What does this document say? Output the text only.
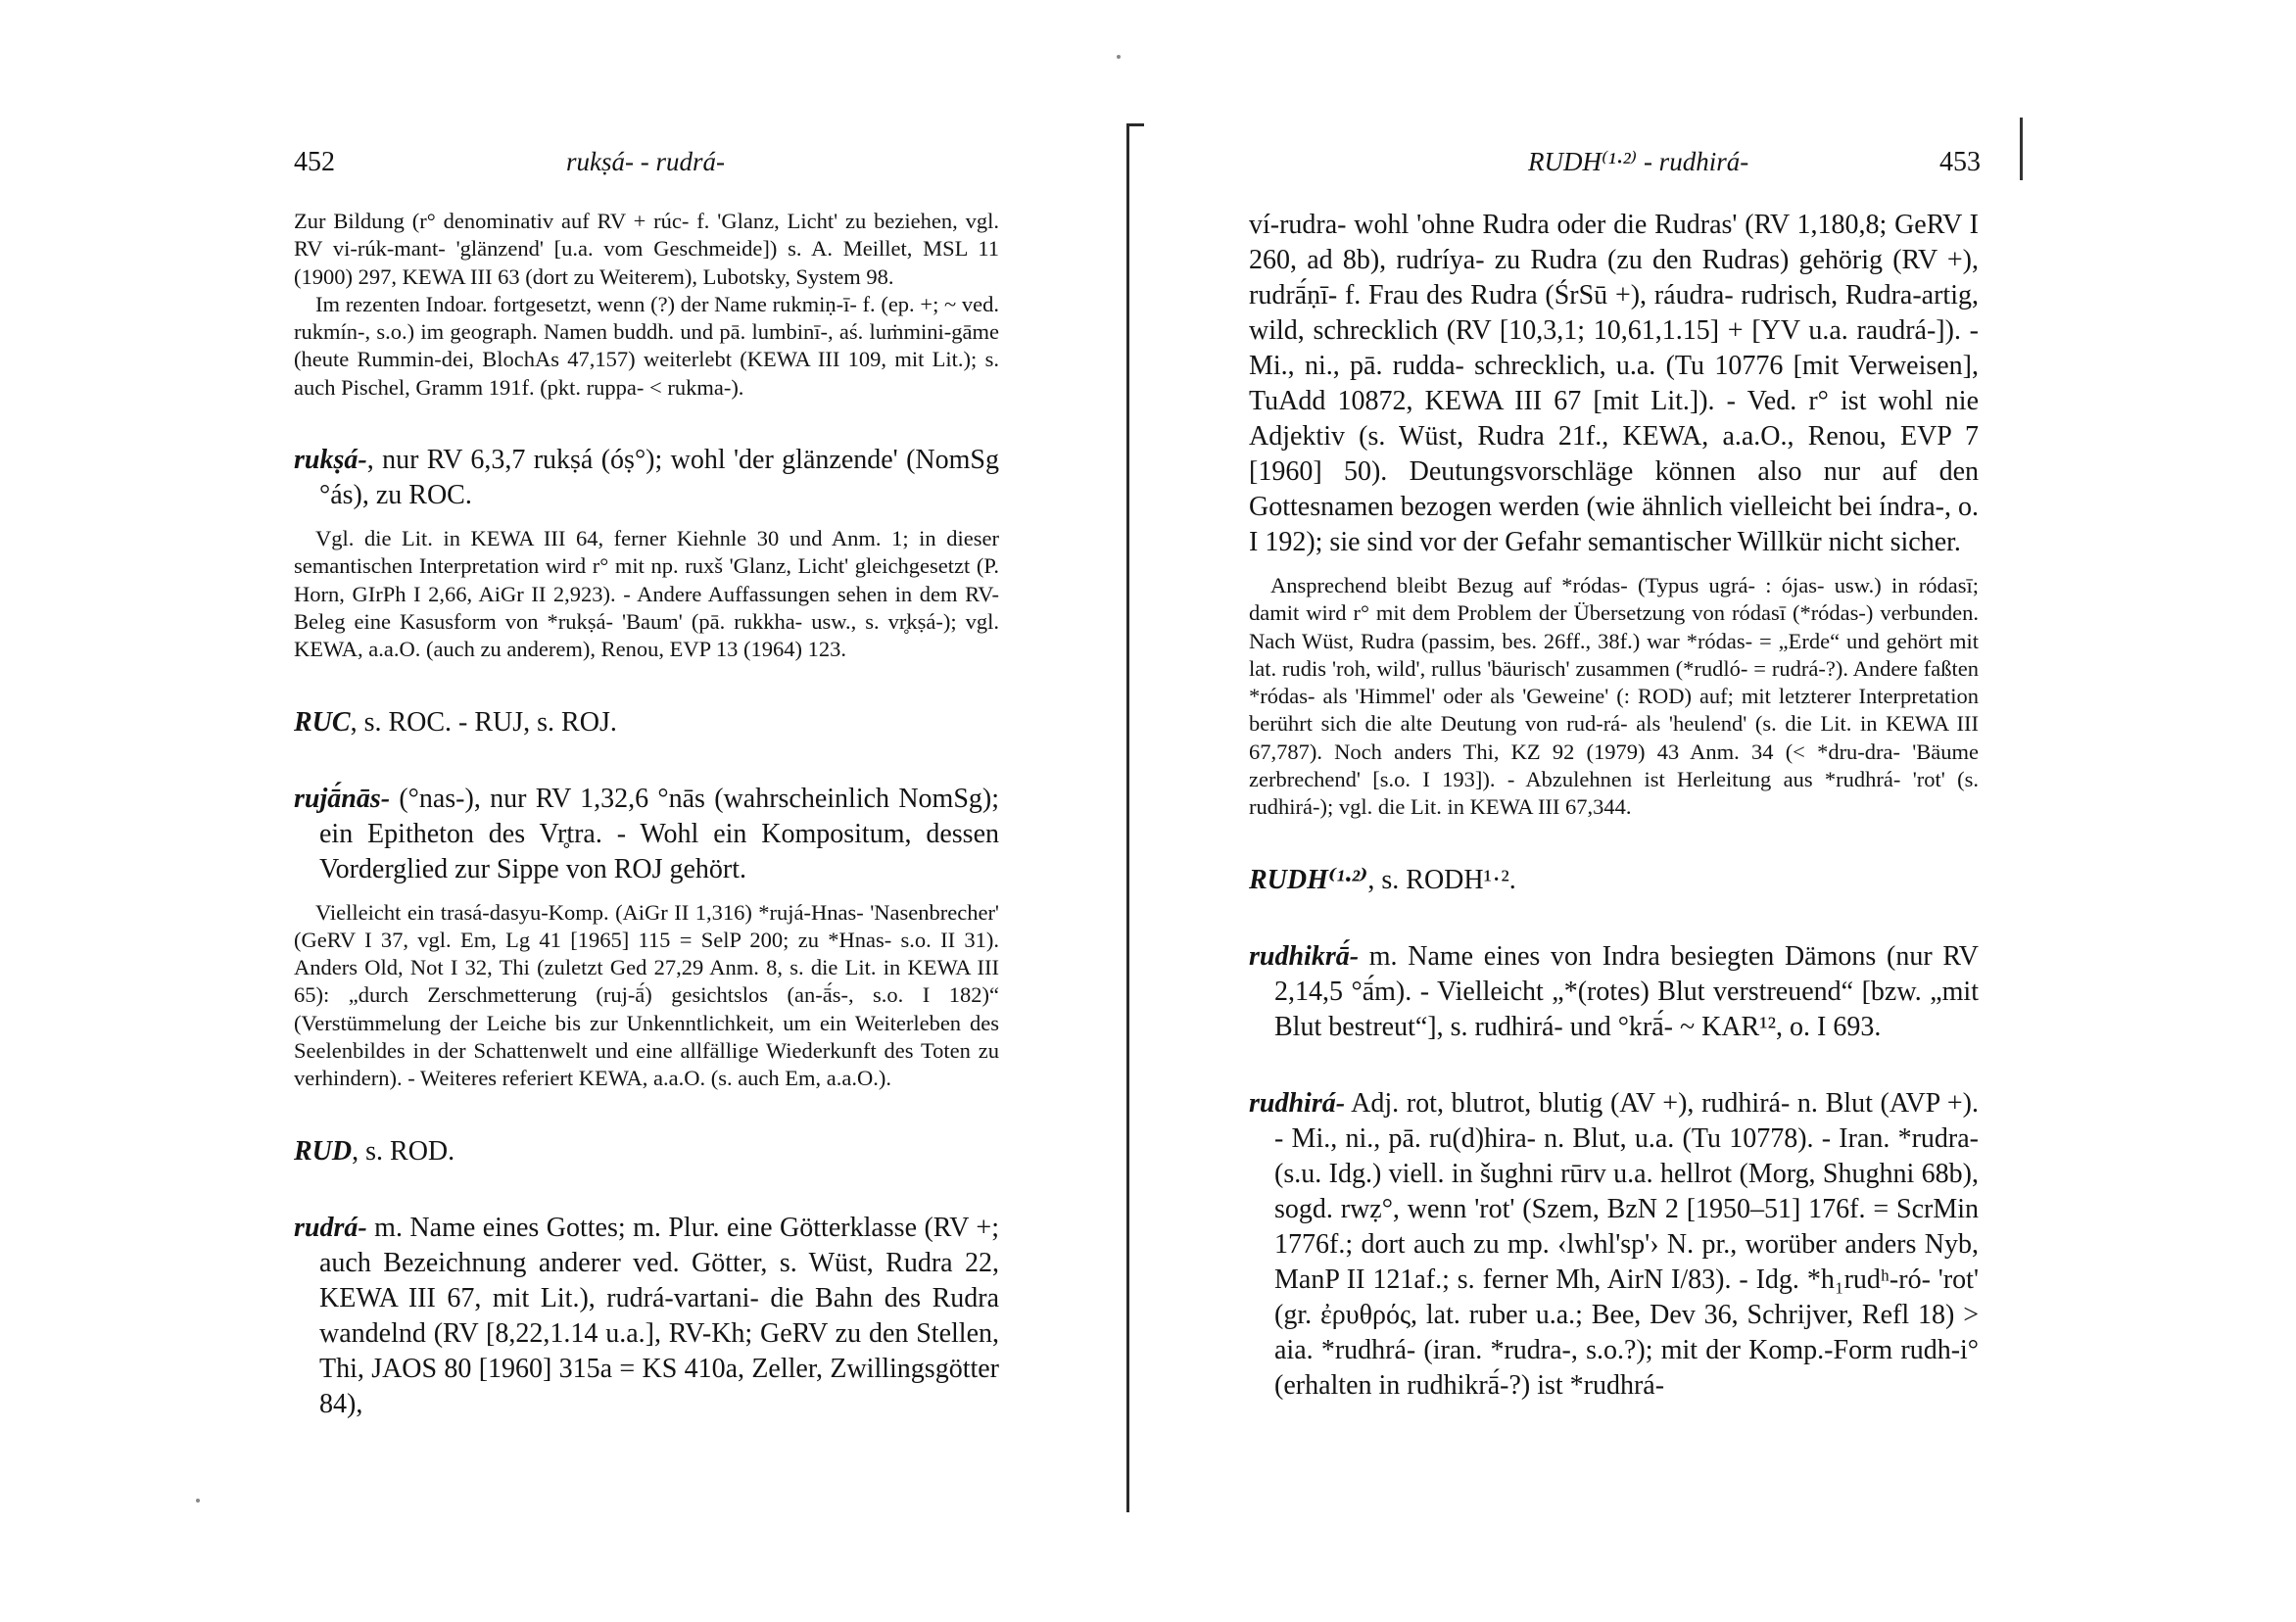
452	rukṣá- - rudrá-

Zur Bildung (r° denominativ auf RV + rúc- f. 'Glanz, Licht' zu beziehen, vgl. RV vi-rúk-mant- 'glänzend' [u.a. vom Geschmeide]) s. A. Meillet, MSL 11 (1900) 297, KEWA III 63 (dort zu Weiterem), Lubotsky, System 98.

Im rezenten Indoar. fortgesetzt, wenn (?) der Name rukmiṇ-ī- f. (ep. +; ~ ved. rukmín-, s.o.) im geograph. Namen buddh. und pā. lumbinī-, aś. luṁmini-gāme (heute Rummin-dei, BlochAs 47,157) weiterlebt (KEWA III 109, mit Lit.); s. auch Pischel, Gramm 191f. (pkt. ruppa- < rukma-).

rukṣá-, nur RV 6,3,7 rukṣá (óṣ°); wohl 'der glänzende' (NomSg °ás), zu ROC.

Vgl. die Lit. in KEWA III 64, ferner Kiehnle 30 und Anm. 1; in dieser semantischen Interpretation wird r° mit np. ruxš 'Glanz, Licht' gleichgesetzt (P. Horn, GIrPh I 2,66, AiGr II 2,923). - Andere Auffassungen sehen in dem RV-Beleg eine Kasusform von *rukṣá- 'Baum' (pā. rukkha- usw., s. vr̥kṣá-); vgl. KEWA, a.a.O. (auch zu anderem), Renou, EVP 13 (1964) 123.

RUC, s. ROC. - RUJ, s. ROJ.

rujā́nās- (°nas-), nur RV 1,32,6 °nās (wahrscheinlich NomSg); ein Epitheton des Vr̥tra. - Wohl ein Kompositum, dessen Vorderglied zur Sippe von ROJ gehört.

Vielleicht ein trasá-dasyu-Komp. (AiGr II 1,316) *rujá-Hnas- 'Nasenbrecher' (GeRV I 37, vgl. Em, Lg 41 [1965] 115 = SelP 200; zu *Hnas- s.o. II 31). Anders Old, Not I 32, Thi (zuletzt Ged 27,29 Anm. 8, s. die Lit. in KEWA III 65): „durch Zerschmetterung (ruj-ā́) gesichtslos (an-ā́s-, s.o. I 182)“ (Verstümmelung der Leiche bis zur Unkenntlichkeit, um ein Weiterleben des Seelenbildes in der Schattenwelt und eine allfällige Wiederkunft des Toten zu verhindern). - Weiteres referiert KEWA, a.a.O. (s. auch Em, a.a.O.).

RUD, s. ROD.

rudrá- m. Name eines Gottes; m. Plur. eine Götterklasse (RV +; auch Bezeichnung anderer ved. Götter, s. Wüst, Rudra 22, KEWA III 67, mit Lit.), rudrá-vartani- die Bahn des Rudra wandelnd (RV [8,22,1.14 u.a.], RV-Kh; GeRV zu den Stellen, Thi, JAOS 80 [1960] 315a = KS 410a, Zeller, Zwillingsgötter 84),

RUDH⁽¹·²⁾ - rudhirá-	453

ví-rudra- wohl 'ohne Rudra oder die Rudras' (RV 1,180,8; GeRV I 260, ad 8b), rudríya- zu Rudra (zu den Rudras) gehörig (RV +), rudrā́ṇī- f. Frau des Rudra (ŚrSū +), ráudra- rudrisch, Rudra-artig, wild, schrecklich (RV [10,3,1; 10,61,1.15] + [YV u.a. raudrá-]). - Mi., ni., pā. rudda- schrecklich, u.a. (Tu 10776 [mit Verweisen], TuAdd 10872, KEWA III 67 [mit Lit.]). - Ved. r° ist wohl nie Adjektiv (s. Wüst, Rudra 21f., KEWA, a.a.O., Renou, EVP 7 [1960] 50). Deutungsvorschläge können also nur auf den Gottesnamen bezogen werden (wie ähnlich vielleicht bei índra-, o. I 192); sie sind vor der Gefahr semantischer Willkür nicht sicher.

Ansprechend bleibt Bezug auf *ródas- (Typus ugrá- : ójas- usw.) in ródasī; damit wird r° mit dem Problem der Übersetzung von ródasī (*ródas-) verbunden. Nach Wüst, Rudra (passim, bes. 26ff., 38f.) war *ródas- = „Erde“ und gehört mit lat. rudis 'roh, wild', rullus 'bäurisch' zusammen (*rudló- = rudrá-?). Andere faßten *ródas- als 'Himmel' oder als 'Geweine' (: ROD) auf; mit letzterer Interpretation berührt sich die alte Deutung von rud-rá- als 'heulend' (s. die Lit. in KEWA III 67,787). Noch anders Thi, KZ 92 (1979) 43 Anm. 34 (< *dru-dra- 'Bäume zerbrechend' [s.o. I 193]). - Abzulehnen ist Herleitung aus *rudhrá- 'rot' (s. rudhirá-); vgl. die Lit. in KEWA III 67,344.

RUDH⁽¹·²⁾, s. RODH¹·².

rudhikrā́- m. Name eines von Indra besiegten Dämons (nur RV 2,14,5 °ā́m). - Vielleicht „*(rotes) Blut verstreuend“ [bzw. „mit Blut bestreut“], s. rudhirá- und °krā́- ~ KAR¹², o. I 693.

rudhirá- Adj. rot, blutrot, blutig (AV +), rudhirá- n. Blut (AVP +). - Mi., ni., pā. ru(d)hira- n. Blut, u.a. (Tu 10778). - Iran. *rudra- (s.u. Idg.) viell. in šughni rūrv u.a. hellrot (Morg, Shughni 68b), sogd. rwẓ°, wenn 'rot' (Szem, BzN 2 [1950–51] 176f. = ScrMin 1776f.; dort auch zu mp. ‹lwhl'sp'› N. pr., worüber anders Nyb, ManP II 121af.; s. ferner Mh, AirN I/83). - Idg. *h₁rudʰ-ró- 'rot' (gr. ἐρυθρός, lat. ruber u.a.; Bee, Dev 36, Schrijver, Refl 18) > aia. *rudhrá- (iran. *rudra-, s.o.?); mit der Komp.-Form rudh-i° (erhalten in rudhikrā́-?) ist *rudhrá-
